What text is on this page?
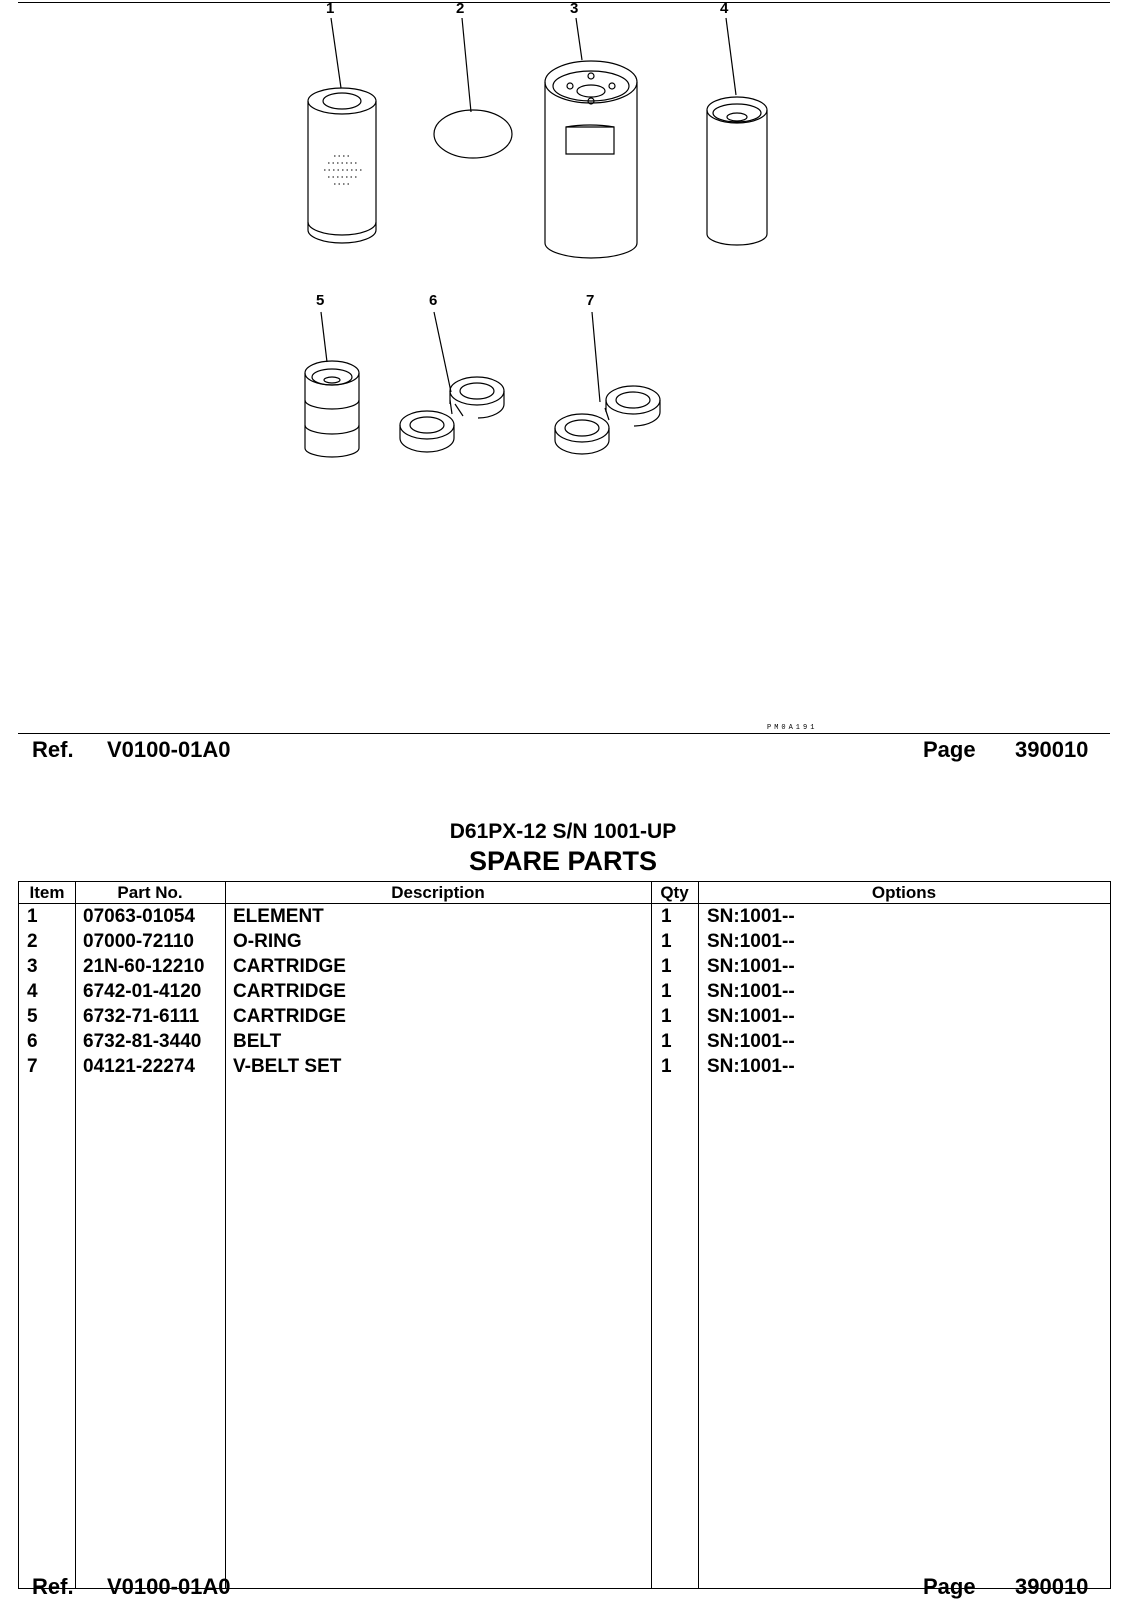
1	2	3	4
5	6	7
PM0A191
Ref. V0100-01A0	Page 390010
D61PX-12 S/N 1001-UP
SPARE PARTS
Item	Part No.	Description	Qty	Options
1 07063-01054 ELEMENT	1 SN:1001--
2 07000-72110 O-RING	1 SN:1001--
3 21N-60-12210 CARTRIDGE	1 SN:1001--
4 6742-01-4120 CARTRIDGE	1 SN:1001--
5 6732-71-6111 CARTRIDGE	1 SN:1001--
6 6732-81-3440 BELT	1 SN:1001--
7 04121-22274 V-BELT SET	1 SN:1001--
Ref. V0100-01A0	Page 390010
